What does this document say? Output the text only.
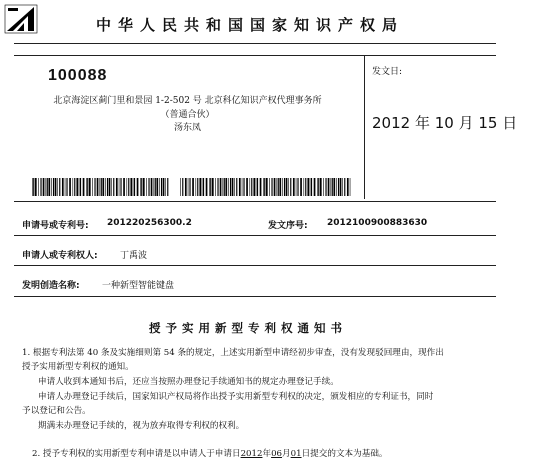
中华人民共和国国家知识产权局
100088
北京海淀区蓟门里和景园 1-2-502 号 北京科亿知识产权代理事务所
（普通合伙）
汤东凤
发文日:
2012 年 10 月 15 日
申请号或专利号: 201220256300.2	发文序号: 2012100900883630
申请人或专利权人: 丁禹波
发明创造名称: 一种新型智能键盘
授予实用新型专利权通知书
1. 根据专利法第 40 条及实施细则第 54 条的规定，上述实用新型申请经初步审查，没有发现驳回理由，现作出
授予实用新型专利权的通知。
申请人收到本通知书后，还应当按照办理登记手续通知书的规定办理登记手续。
申请人办理登记手续后，国家知识产权局将作出授予实用新型专利权的决定，颁发相应的专利证书，同时
予以登记和公告。
期满未办理登记手续的，视为放弃取得专利权的权利。
2. 授予专利权的实用新型专利申请是以申请人于申请日2012年06月01日提交的文本为基础。
